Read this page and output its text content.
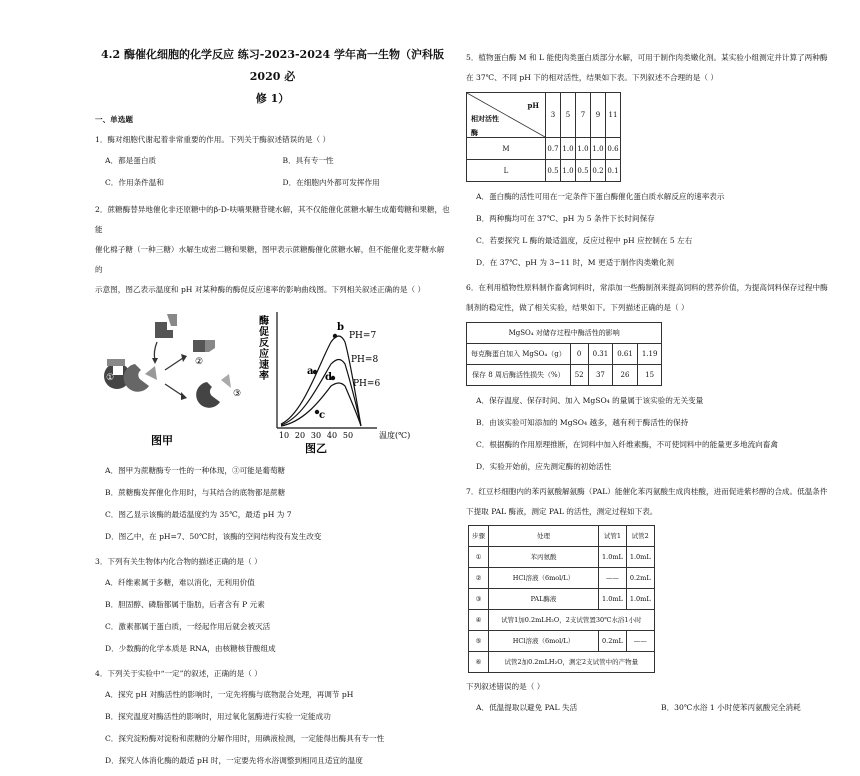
4.2 酶催化细胞的化学反应 练习-2023-2024 学年高一生物（沪科版 2020 必
修 1）
一、单选题

1．酶对细胞代谢起着非常重要的作用。下列关于酶叙述错误的是（ ）

A．都是蛋白质	B．具有专一性
C．作用条件温和	D．在细胞内外都可发挥作用

2．蔗糖酶替异地催化非还原糖中的β-D-呋喃果糖苷键水解，其不仅能催化蔗糖水解生成葡萄糖和果糖，也能

催化棉子糖（一种三糖）水解生成密二糖和果糖，图甲表示蔗糖酶催化蔗糖水解，但不能催化麦芽糖水解的

示意图，图乙表示温度和 pH 对某种酶的酶促反应速率的影响曲线图。下列相关叙述正确的是（ ）

①
②
③
图甲
酶促反应速率	a
b
c
d
PH=7
PH=8
PH=6
10 20 30 40 50	温度(℃)
图乙
A．图甲为蔗糖酶专一性的一种体现，③可能是葡萄糖
B．蔗糖酶发挥催化作用时，与其结合的底物都是蔗糖
C．图乙显示该酶的最适温度约为 35℃，最适 pH 为 7
D．图乙中，在 pH=7、50℃时，该酶的空间结构没有发生改变

3．下列有关生物体内化合物的描述正确的是（ ）

A．纤维素属于多糖，难以消化，无利用价值
B．胆固醇、磷脂都属于脂肪，后者含有 P 元素
C．激素都属于蛋白质，一经起作用后就会被灭活
D．少数酶的化学本质是 RNA，由核糖核苷酸组成

4．下列关于实验中“一定”的叙述，正确的是（ ）

A．探究 pH 对酶活性的影响时，一定先将酶与底物混合处理，再调节 pH
B．探究温度对酶活性的影响时，用过氧化氢酶进行实验一定能成功
C．探究淀粉酶对淀粉和蔗糖的分解作用时，用碘液检测，一定能得出酶具有专一性
D．探究人体消化酶的最适 pH 时，一定要先将水浴调整到相同且适宜的温度

5．植物蛋白酶 M 和 L 能使肉类蛋白质部分水解，可用于制作肉类嫩化剂。某实验小组测定并计算了两种酶

在 37℃、不同 pH 下的相对活性，结果如下表。下列叙述不合理的是（ ）

pH
相对活性
酶	3	5	7	9	11
M	0.7	1.0	1.0	1.0	0.6
L	0.5	1.0	0.5	0.2	0.1
A．蛋白酶的活性可用在一定条件下蛋白酶催化蛋白质水解反应的速率表示
B．两种酶均可在 37℃、pH 为 5 条件下长时间保存
C．若要探究 L 酶的最适温度，反应过程中 pH 应控制在 5 左右
D．在 37℃、pH 为 3~11 时，M 更适于制作肉类嫩化剂

6．在利用植物性原料制作畜禽饲料时，常添加一些酶制剂来提高饲料的营养价值，为提高饲料保存过程中酶

制剂的稳定性，做了相关实验，结果如下。下列描述正确的是（ ）

MgSO₄ 对储存过程中酶活性的影响				
每克酶蛋白加入 MgSO₄（g）	0	0.31	0.61	1.19
保存 8 周后酶活性损失（%）	52	37	26	15
A．保存温度、保存时间、加入 MgSO₄ 的量属于该实验的无关变量
B．由该实验可知添加的 MgSO₄ 越多，越有利于酶活性的保持
C．根据酶的作用原理推断，在饲料中加入纤维素酶，不可使饲料中的能量更多地流向畜禽
D．实验开始前，应先测定酶的初始活性

7．红豆杉细胞内的苯丙氨酸解氨酶（PAL）能催化苯丙氨酸生成肉桂酸，进而促进紫杉醇的合成。低温条件

下提取 PAL 酶液，测定 PAL 的活性，测定过程如下表。

步骤	处理	试管1	试管2
①	苯丙氨酸	1.0mL	1.0mL
②	HCl溶液（6mol/L）	——	0.2mL
③	PAL酶液	1.0mL	1.0mL
④	试管1加0.2mLH₂O，2支试管置30℃水浴1小时		
⑤	HCl溶液（6mol/L）	0.2mL	——
⑥	试管2加0.2mLH₂O，测定2支试管中的产物量		

下列叙述错误的是（ ）

A．低温提取以避免 PAL 失活	B．30℃水浴 1 小时使苯丙氨酸完全消耗
